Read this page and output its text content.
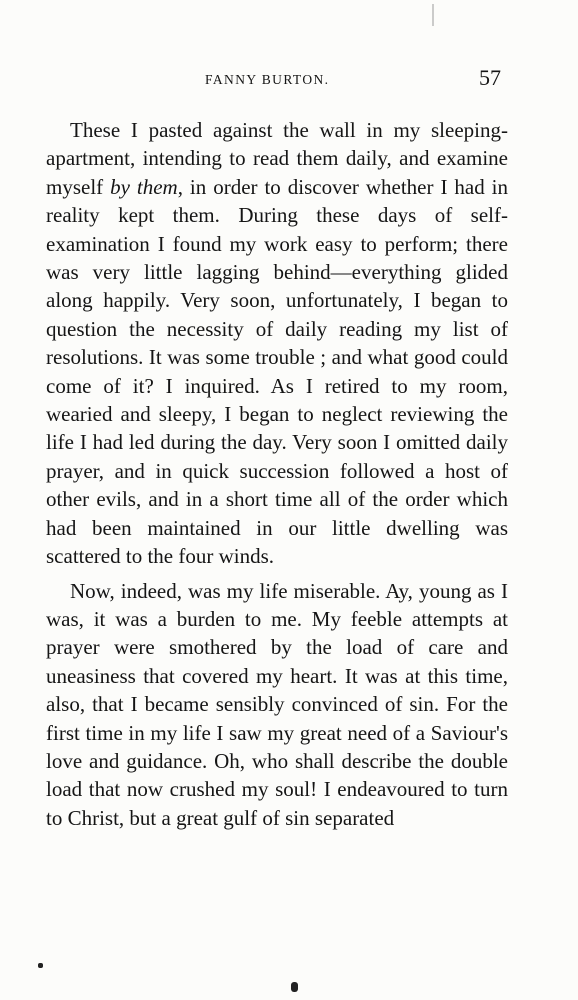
FANNY BURTON.	57

These I pasted against the wall in my sleeping-apartment, intending to read them daily, and examine myself by them, in order to discover whether I had in reality kept them. During these days of self-examination I found my work easy to perform; there was very little lagging behind—everything glided along happily. Very soon, unfortunately, I began to question the necessity of daily reading my list of resolutions. It was some trouble ; and what good could come of it? I inquired. As I retired to my room, wearied and sleepy, I began to neglect reviewing the life I had led during the day. Very soon I omitted daily prayer, and in quick succession followed a host of other evils, and in a short time all of the order which had been maintained in our little dwelling was scattered to the four winds.

Now, indeed, was my life miserable. Ay, young as I was, it was a burden to me. My feeble attempts at prayer were smothered by the load of care and uneasiness that covered my heart. It was at this time, also, that I became sensibly convinced of sin. For the first time in my life I saw my great need of a Saviour's love and guidance. Oh, who shall describe the double load that now crushed my soul! I endeavoured to turn to Christ, but a great gulf of sin separated
